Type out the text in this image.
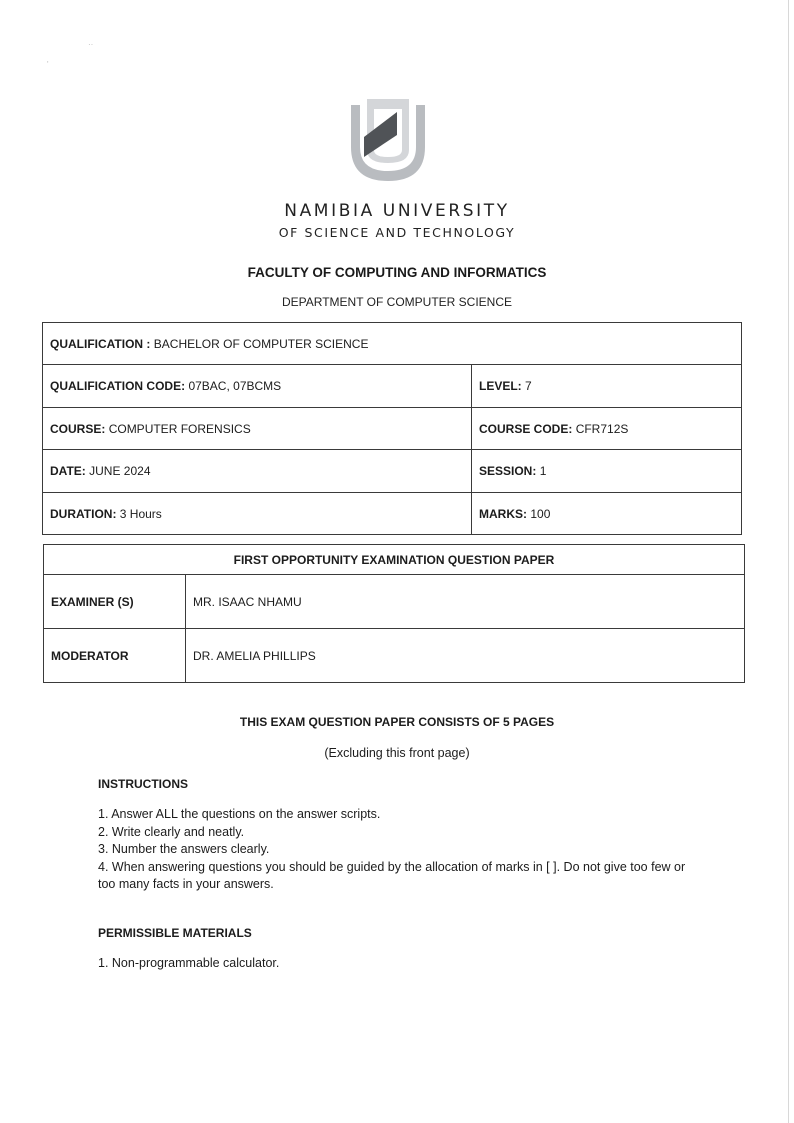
··
'
NAMIBIA UNIVERSITY
OF SCIENCE AND TECHNOLOGY
FACULTY OF COMPUTING AND INFORMATICS
DEPARTMENT OF COMPUTER SCIENCE
QUALIFICATION : BACHELOR OF COMPUTER SCIENCE	
QUALIFICATION CODE: 07BAC, 07BCMS	LEVEL: 7
COURSE: COMPUTER FORENSICS	COURSE CODE: CFR712S
DATE: JUNE 2024	SESSION: 1
DURATION: 3 Hours	MARKS: 100
FIRST OPPORTUNITY EXAMINATION QUESTION PAPER	
EXAMINER (S)	MR. ISAAC NHAMU
MODERATOR	DR. AMELIA PHILLIPS
THIS EXAM QUESTION PAPER CONSISTS OF 5 PAGES
(Excluding this front page)
INSTRUCTIONS
1. Answer ALL the questions on the answer scripts.
2. Write clearly and neatly.
3. Number the answers clearly.
4. When answering questions you should be guided by the allocation of marks in [ ]. Do not give too few or too many facts in your answers.
PERMISSIBLE MATERIALS
1. Non-programmable calculator.
